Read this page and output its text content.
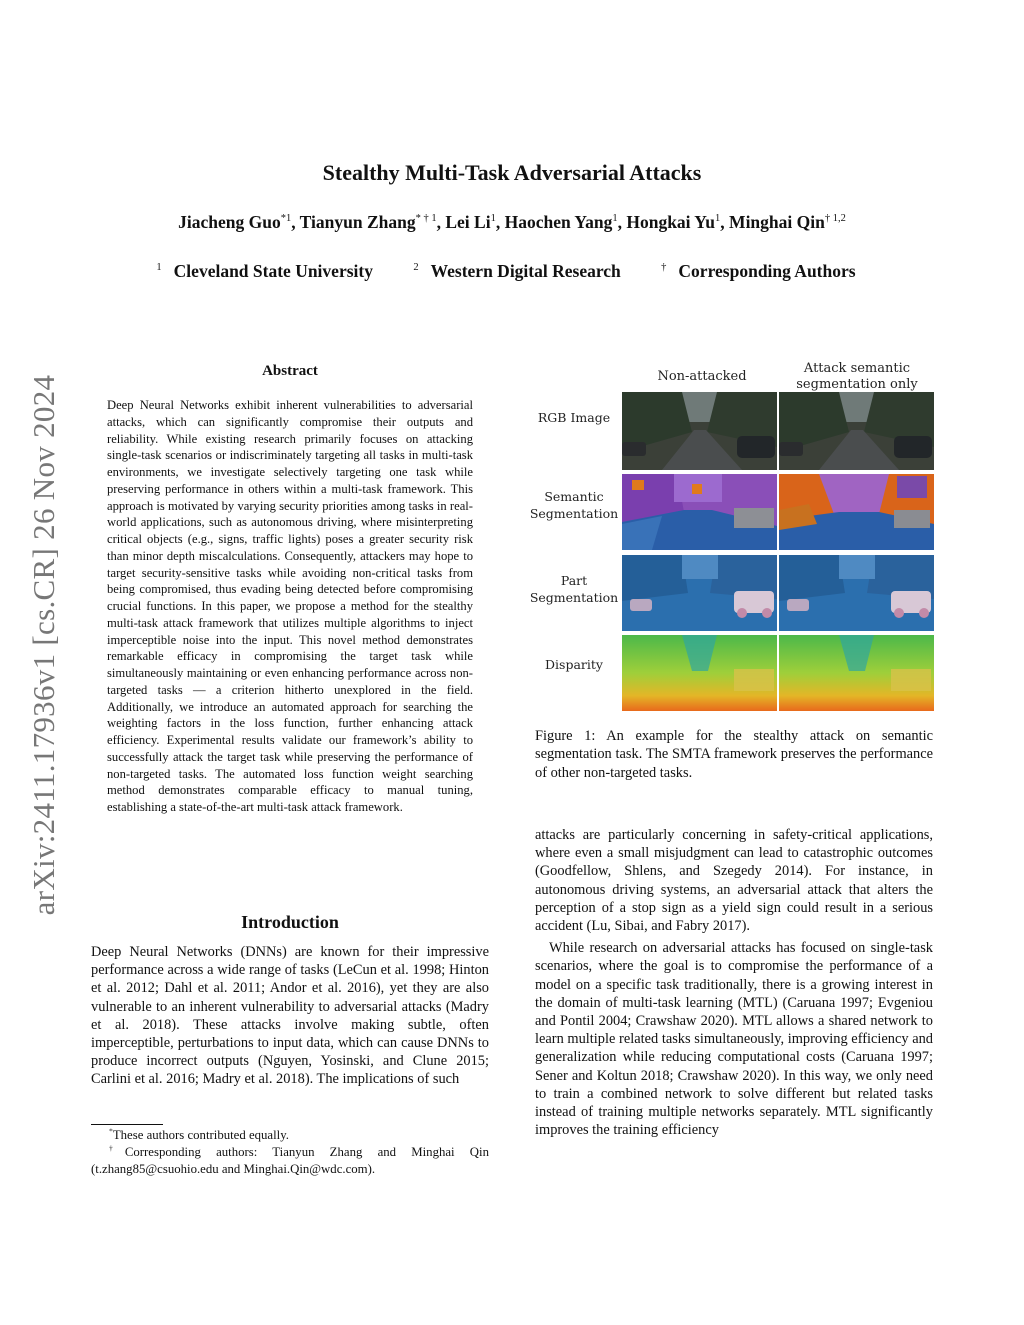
arXiv:2411.17936v1 [cs.CR] 26 Nov 2024
Stealthy Multi-Task Adversarial Attacks
Jiacheng Guo$^{*1}$, Tianyun Zhang$^{* \dagger 1}$, Lei Li$^1$, Haochen Yang$^1$, Hongkai Yu$^1$, Minghai Qin$^{\dagger 1,2}$
$^1$ Cleveland State University	$^2$ Western Digital Research	† Corresponding Authors
Abstract
Deep Neural Networks exhibit inherent vulnerabilities to adversarial attacks, which can significantly compromise their outputs and reliability. While existing research primarily focuses on attacking single-task scenarios or indiscriminately targeting all tasks in multi-task environments, we investigate selectively targeting one task while preserving performance in others within a multi-task framework. This approach is motivated by varying security priorities among tasks in real-world applications, such as autonomous driving, where misinterpreting critical objects (e.g., signs, traffic lights) poses a greater security risk than minor depth miscalculations. Consequently, attackers may hope to target security-sensitive tasks while avoiding non-critical tasks from being compromised, thus evading being detected before compromising crucial functions. In this paper, we propose a method for the stealthy multi-task attack framework that utilizes multiple algorithms to inject imperceptible noise into the input. This novel method demonstrates remarkable efficacy in compromising the target task while simultaneously maintaining or even enhancing performance across non-targeted tasks — a criterion hitherto unexplored in the field. Additionally, we introduce an automated approach for searching the weighting factors in the loss function, further enhancing attack efficiency. Experimental results validate our framework’s ability to successfully attack the target task while preserving the performance of non-targeted tasks. The automated loss function weight searching method demonstrates comparable efficacy to manual tuning, establishing a state-of-the-art multi-task attack framework.
Introduction
Deep Neural Networks (DNNs) are known for their impressive performance across a wide range of tasks (LeCun et al. 1998; Hinton et al. 2012; Dahl et al. 2011; Andor et al. 2016), yet they are also vulnerable to an inherent vulnerability to adversarial attacks (Madry et al. 2018). These attacks involve making subtle, often imperceptible, perturbations to input data, which can cause DNNs to produce incorrect outputs (Nguyen, Yosinski, and Clune 2015; Carlini et al. 2016; Madry et al. 2018). The implications of such

*These authors contributed equally.

†Corresponding authors: Tianyun Zhang and Minghai Qin (t.zhang85@csuohio.edu and Minghai.Qin@wdc.com).

Non-attacked
Attack semantic segmentation only
RGB Image
Semantic Segmentation
Part Segmentation
Disparity
Figure 1: An example for the stealthy attack on semantic segmentation task. The SMTA framework preserves the performance of other non-targeted tasks.

attacks are particularly concerning in safety-critical applications, where even a small misjudgment can lead to catastrophic outcomes (Goodfellow, Shlens, and Szegedy 2014). For instance, in autonomous driving systems, an adversarial attack that alters the perception of a stop sign as a yield sign could result in a serious accident (Lu, Sibai, and Fabry 2017).

While research on adversarial attacks has focused on single-task scenarios, where the goal is to compromise the performance of a model on a specific task traditionally, there is a growing interest in the domain of multi-task learning (MTL) (Caruana 1997; Evgeniou and Pontil 2004; Crawshaw 2020). MTL allows a shared network to learn multiple related tasks simultaneously, improving efficiency and generalization while reducing computational costs (Caruana 1997; Sener and Koltun 2018; Crawshaw 2020). In this way, we only need to train a combined network to solve different but related tasks instead of training multiple networks separately. MTL significantly improves the training efficiency
